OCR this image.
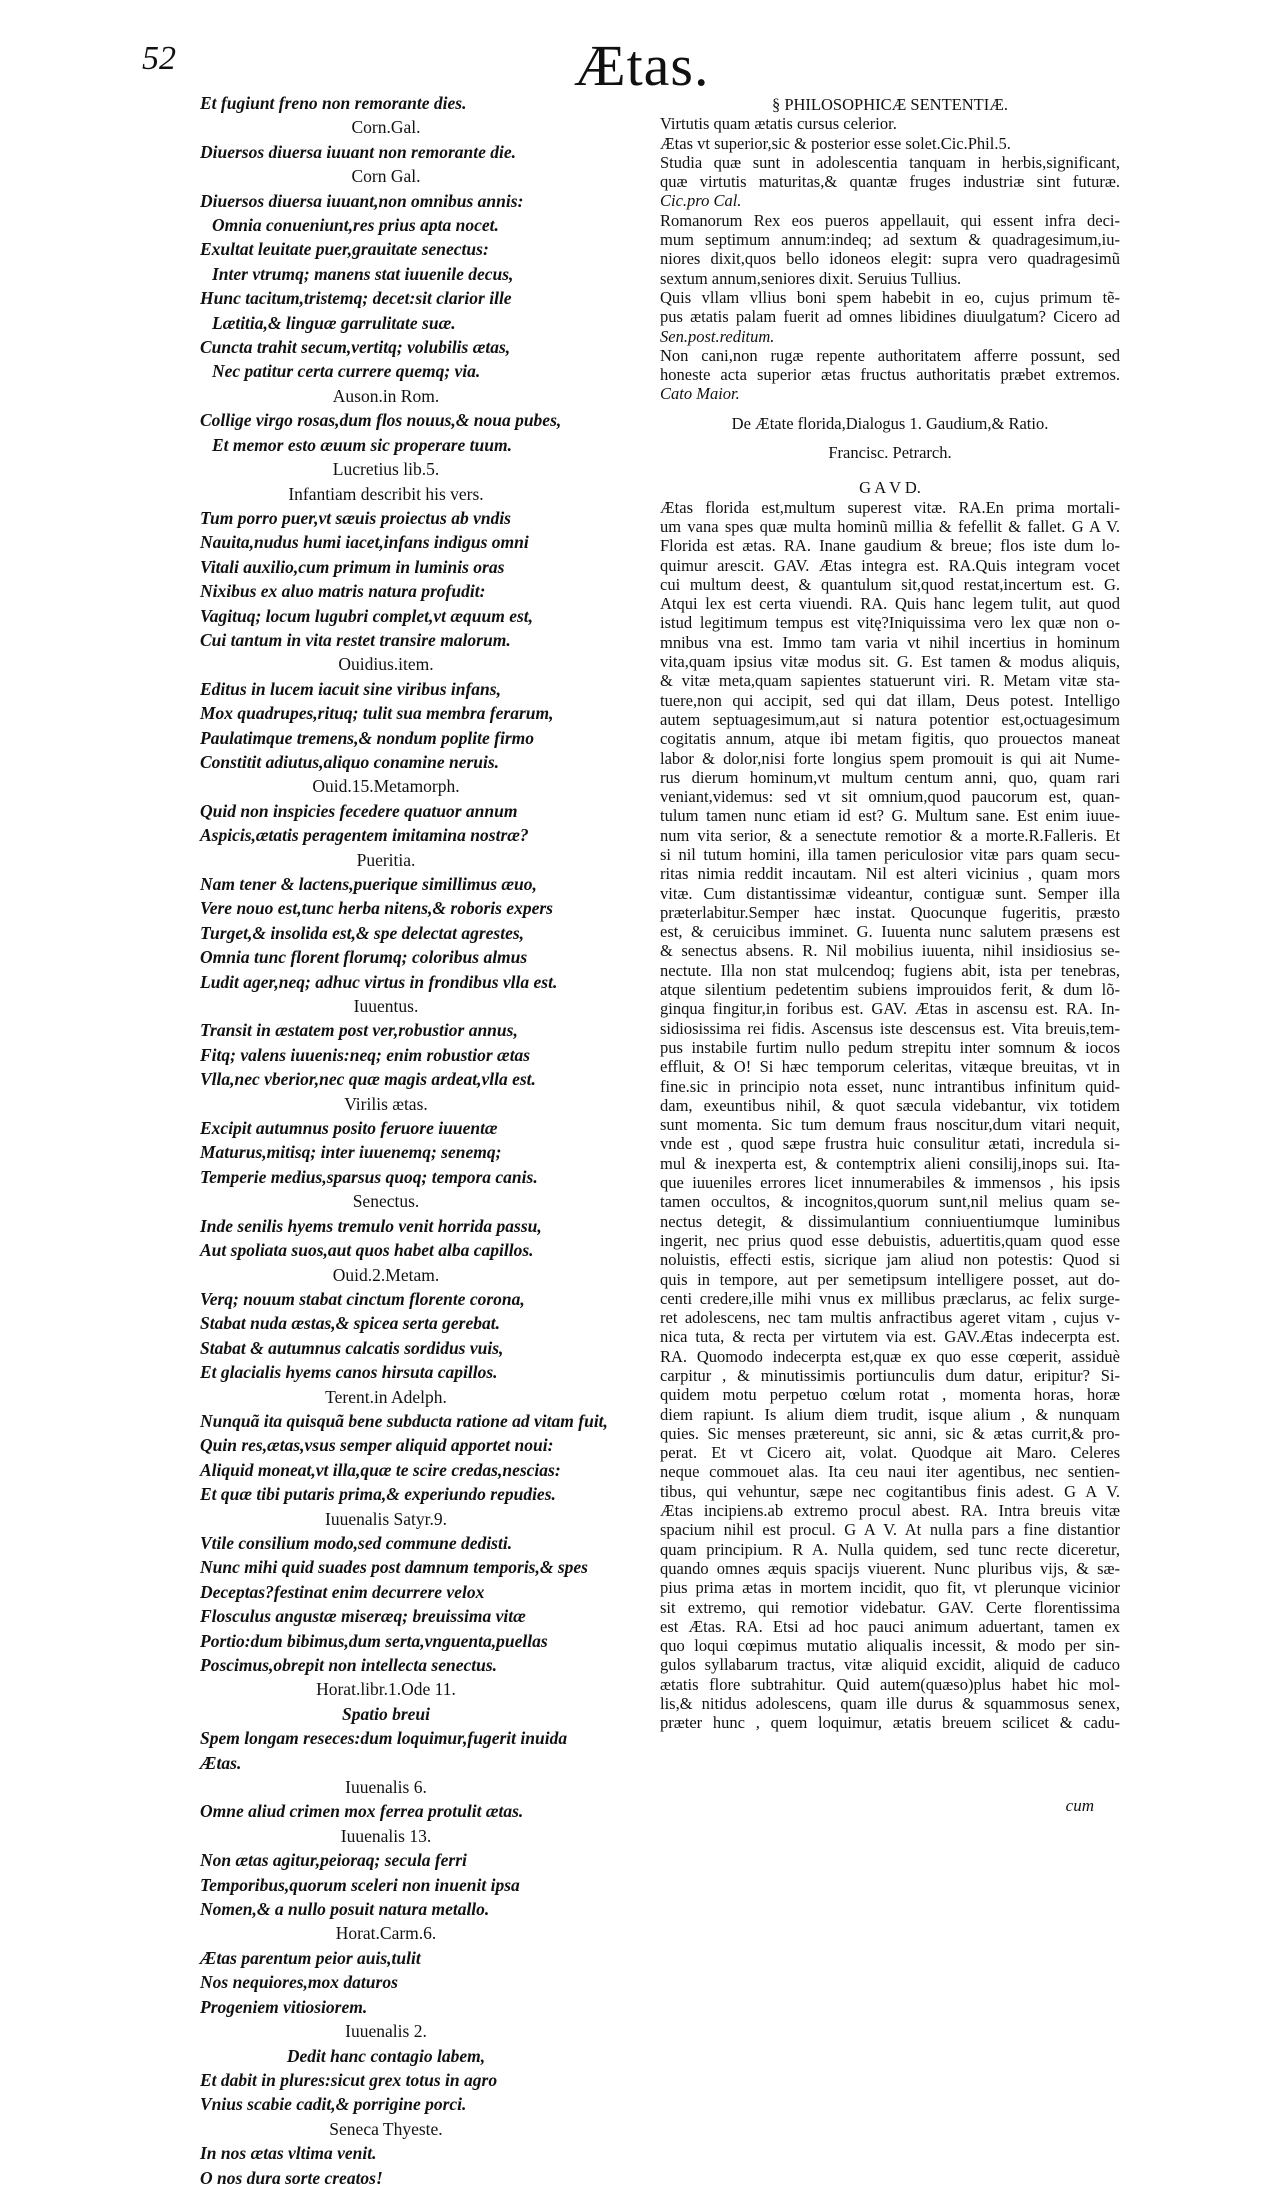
52	Ætas.
Et fugiunt freno non remorante dies.
Corn.Gal.
Diuersos diuersa iuuant non remorante die.
Corn Gal.
Diuersos diuersa iuuant,non omnibus annis:
Omnia conueniunt,res prius apta nocet.
Exultat leuitate puer,grauitate senectus:
Inter vtrumq; manens stat iuuenile decus,
Hunc tacitum,tristemq; decet:sit clarior ille
Lætitia,& linguæ garrulitate suæ.
Cuncta trahit secum,vertitq; volubilis ætas,
Nec patitur certa currere quemq; via.
Auson.in Rom.
Collige virgo rosas,dum flos nouus,& noua pubes,
Et memor esto æuum sic properare tuum.
Lucretius lib.5.
Infantiam describit his vers.
Tum porro puer,vt sæuis proiectus ab vndis
Nauita,nudus humi iacet,infans indigus omni
Vitali auxilio,cum primum in luminis oras
Nixibus ex aluo matris natura profudit:
Vagituq; locum lugubri complet,vt æquum est,
Cui tantum in vita restet transire malorum.
Ouidius.item.
Editus in lucem iacuit sine viribus infans,
Mox quadrupes,rituq; tulit sua membra ferarum,
Paulatimque tremens,& nondum poplite firmo
Constitit adiutus,aliquo conamine neruis.
Ouid.15.Metamorph.
Quid non inspicies fecedere quatuor annum
Aspicis,ætatis peragentem imitamina nostræ?
Pueritia.
Nam tener & lactens,puerique simillimus æuo,
Vere nouo est,tunc herba nitens,& roboris expers
Turget,& insolida est,& spe delectat agrestes,
Omnia tunc florent florumq; coloribus almus
Ludit ager,neq; adhuc virtus in frondibus vlla est.
Iuuentus.
Transit in æstatem post ver,robustior annus,
Fitq; valens iuuenis:neq; enim robustior ætas
Vlla,nec vberior,nec quæ magis ardeat,vlla est.
Virilis ætas.
Excipit autumnus posito feruore iuuentæ
Maturus,mitisq; inter iuuenemq; senemq;
Temperie medius,sparsus quoq; tempora canis.
Senectus.
Inde senilis hyems tremulo venit horrida passu,
Aut spoliata suos,aut quos habet alba capillos.
Ouid.2.Metam.
Verq; nouum stabat cinctum florente corona,
Stabat nuda æstas,& spicea serta gerebat.
Stabat & autumnus calcatis sordidus vuis,
Et glacialis hyems canos hirsuta capillos.
Terent.in Adelph.
Nunquã ita quisquã bene subducta ratione ad vitam fuit,
Quin res,ætas,vsus semper aliquid apportet noui:
Aliquid moneat,vt illa,quæ te scire credas,nescias:
Et quæ tibi putaris prima,& experiundo repudies.
Iuuenalis Satyr.9.
Vtile consilium modo,sed commune dedisti.
Nunc mihi quid suades post damnum temporis,& spes
Deceptas?festinat enim decurrere velox
Flosculus angustæ miseræq; breuissima vitæ
Portio:dum bibimus,dum serta,vnguenta,puellas
Poscimus,obrepit non intellecta senectus.
Horat.libr.1.Ode 11.
Spatio breui
Spem longam reseces:dum loquimur,fugerit inuida
Ætas.
Iuuenalis 6.
Omne aliud crimen mox ferrea protulit ætas.
Iuuenalis 13.
Non ætas agitur,peioraq; secula ferri
Temporibus,quorum sceleri non inuenit ipsa
Nomen,& a nullo posuit natura metallo.
Horat.Carm.6.
Ætas parentum peior auis,tulit
Nos nequiores,mox daturos
Progeniem vitiosiorem.
Iuuenalis 2.
Dedit hanc contagio labem,
Et dabit in plures:sicut grex totus in agro
Vnius scabie cadit,& porrigine porci.
Seneca Thyeste.
In nos ætas vltima venit.
O nos dura sorte creatos!
§ PHILOSOPHICÆ SENTENTIÆ.
Virtutis quam ætatis cursus celerior.
Ætas vt superior,sic & posterior esse solet.Cic.Phil.5.
Studia quæ sunt in adolescentia tanquam in herbis,significant,
quæ virtutis maturitas,& quantæ fruges industriæ sint futuræ.
Cic.pro Cal.
Romanorum Rex eos pueros appellauit, qui essent infra deci-
mum septimum annum:indeq; ad sextum & quadragesimum,iu-
niores dixit,quos bello idoneos elegit: supra vero quadragesimũ
sextum annum,seniores dixit. Seruius Tullius.
Quis vllam vllius boni spem habebit in eo, cujus primum tẽ-
pus ætatis palam fuerit ad omnes libidines diuulgatum? Cicero ad
Sen.post.reditum.
Non cani,non rugæ repente authoritatem afferre possunt, sed
honeste acta superior ætas fructus authoritatis præbet extremos.
Cato Maior.
De Ætate florida,Dialogus 1. Gaudium,& Ratio.
Francisc. Petrarch.
G A V D.
Ætas florida est,multum superest vitæ. RA.En prima mortali-
um vana spes quæ multa hominũ millia & fefellit & fallet. G A V.
Florida est ætas. RA. Inane gaudium & breue; flos iste dum lo-
quimur arescit. GAV. Ætas integra est. RA.Quis integram vocet
cui multum deest, & quantulum sit,quod restat,incertum est. G.
Atqui lex est certa viuendi. RA. Quis hanc legem tulit, aut quod
istud legitimum tempus est vitę?Iniquissima vero lex quæ non o-
mnibus vna est. Immo tam varia vt nihil incertius in hominum
vita,quam ipsius vitæ modus sit. G. Est tamen & modus aliquis,
& vitæ meta,quam sapientes statuerunt viri. R. Metam vitæ sta-
tuere,non qui accipit, sed qui dat illam, Deus potest. Intelligo
autem septuagesimum,aut si natura potentior est,octuagesimum
cogitatis annum, atque ibi metam figitis, quo prouectos maneat
labor & dolor,nisi forte longius spem promouit is qui ait Nume-
rus dierum hominum,vt multum centum anni, quo, quam rari
veniant,videmus: sed vt sit omnium,quod paucorum est, quan-
tulum tamen nunc etiam id est? G. Multum sane. Est enim iuue-
num vita serior, & a senectute remotior & a morte.R.Falleris. Et
si nil tutum homini, illa tamen periculosior vitæ pars quam secu-
ritas nimia reddit incautam. Nil est alteri vicinius , quam mors
vitæ. Cum distantissimæ videantur, contiguæ sunt. Semper illa
præterlabitur.Semper hæc instat. Quocunque fugeritis, præsto
est, & ceruicibus imminet. G. Iuuenta nunc salutem præsens est
& senectus absens. R. Nil mobilius iuuenta, nihil insidiosius se-
nectute. Illa non stat mulcendoq; fugiens abit, ista per tenebras,
atque silentium pedetentim subiens improuidos ferit, & dum lõ-
ginqua fingitur,in foribus est. GAV. Ætas in ascensu est. RA. In-
sidiosissima rei fidis. Ascensus iste descensus est. Vita breuis,tem-
pus instabile furtim nullo pedum strepitu inter somnum & iocos
effluit, & O! Si hæc temporum celeritas, vitæque breuitas, vt in
fine.sic in principio nota esset, nunc intrantibus infinitum quid-
dam, exeuntibus nihil, & quot sæcula videbantur, vix totidem
sunt momenta. Sic tum demum fraus noscitur,dum vitari nequit,
vnde est , quod sæpe frustra huic consulitur ætati, incredula si-
mul & inexperta est, & contemptrix alieni consilij,inops sui. Ita-
que iuueniles errores licet innumerabiles & immensos , his ipsis
tamen occultos, & incognitos,quorum sunt,nil melius quam se-
nectus detegit, & dissimulantium conniuentiumque luminibus
ingerit, nec prius quod esse debuistis, aduertitis,quam quod esse
noluistis, effecti estis, sicrique jam aliud non potestis: Quod si
quis in tempore, aut per semetipsum intelligere posset, aut do-
centi credere,ille mihi vnus ex millibus præclarus, ac felix surge-
ret adolescens, nec tam multis anfractibus ageret vitam , cujus v-
nica tuta, & recta per virtutem via est. GAV.Ætas indecerpta est.
RA. Quomodo indecerpta est,quæ ex quo esse cœperit, assiduè
carpitur , & minutissimis portiunculis dum datur, eripitur? Si-
quidem motu perpetuo cœlum rotat , momenta horas, horæ
diem rapiunt. Is alium diem trudit, isque alium , & nunquam
quies. Sic menses prætereunt, sic anni, sic & ætas currit,& pro-
perat. Et vt Cicero ait, volat. Quodque ait Maro. Celeres
neque commouet alas. Ita ceu naui iter agentibus, nec sentien-
tibus, qui vehuntur, sæpe nec cogitantibus finis adest. G A V.
Ætas incipiens.ab extremo procul abest. RA. Intra breuis vitæ
spacium nihil est procul. G A V. At nulla pars a fine distantior
quam principium. R A. Nulla quidem, sed tunc recte diceretur,
quando omnes æquis spacijs viuerent. Nunc pluribus vijs, & sæ-
pius prima ætas in mortem incidit, quo fit, vt plerunque vicinior
sit extremo, qui remotior videbatur. GAV. Certe florentissima
est Ætas. RA. Etsi ad hoc pauci animum aduertant, tamen ex
quo loqui cœpimus mutatio aliqualis incessit, & modo per sin-
gulos syllabarum tractus, vitæ aliquid excidit, aliquid de caduco
ætatis flore subtrahitur. Quid autem(quæso)plus habet hic mol-
lis,& nitidus adolescens, quam ille durus & squammosus senex,
præter hunc , quem loquimur, ætatis breuem scilicet & cadu-
cum
